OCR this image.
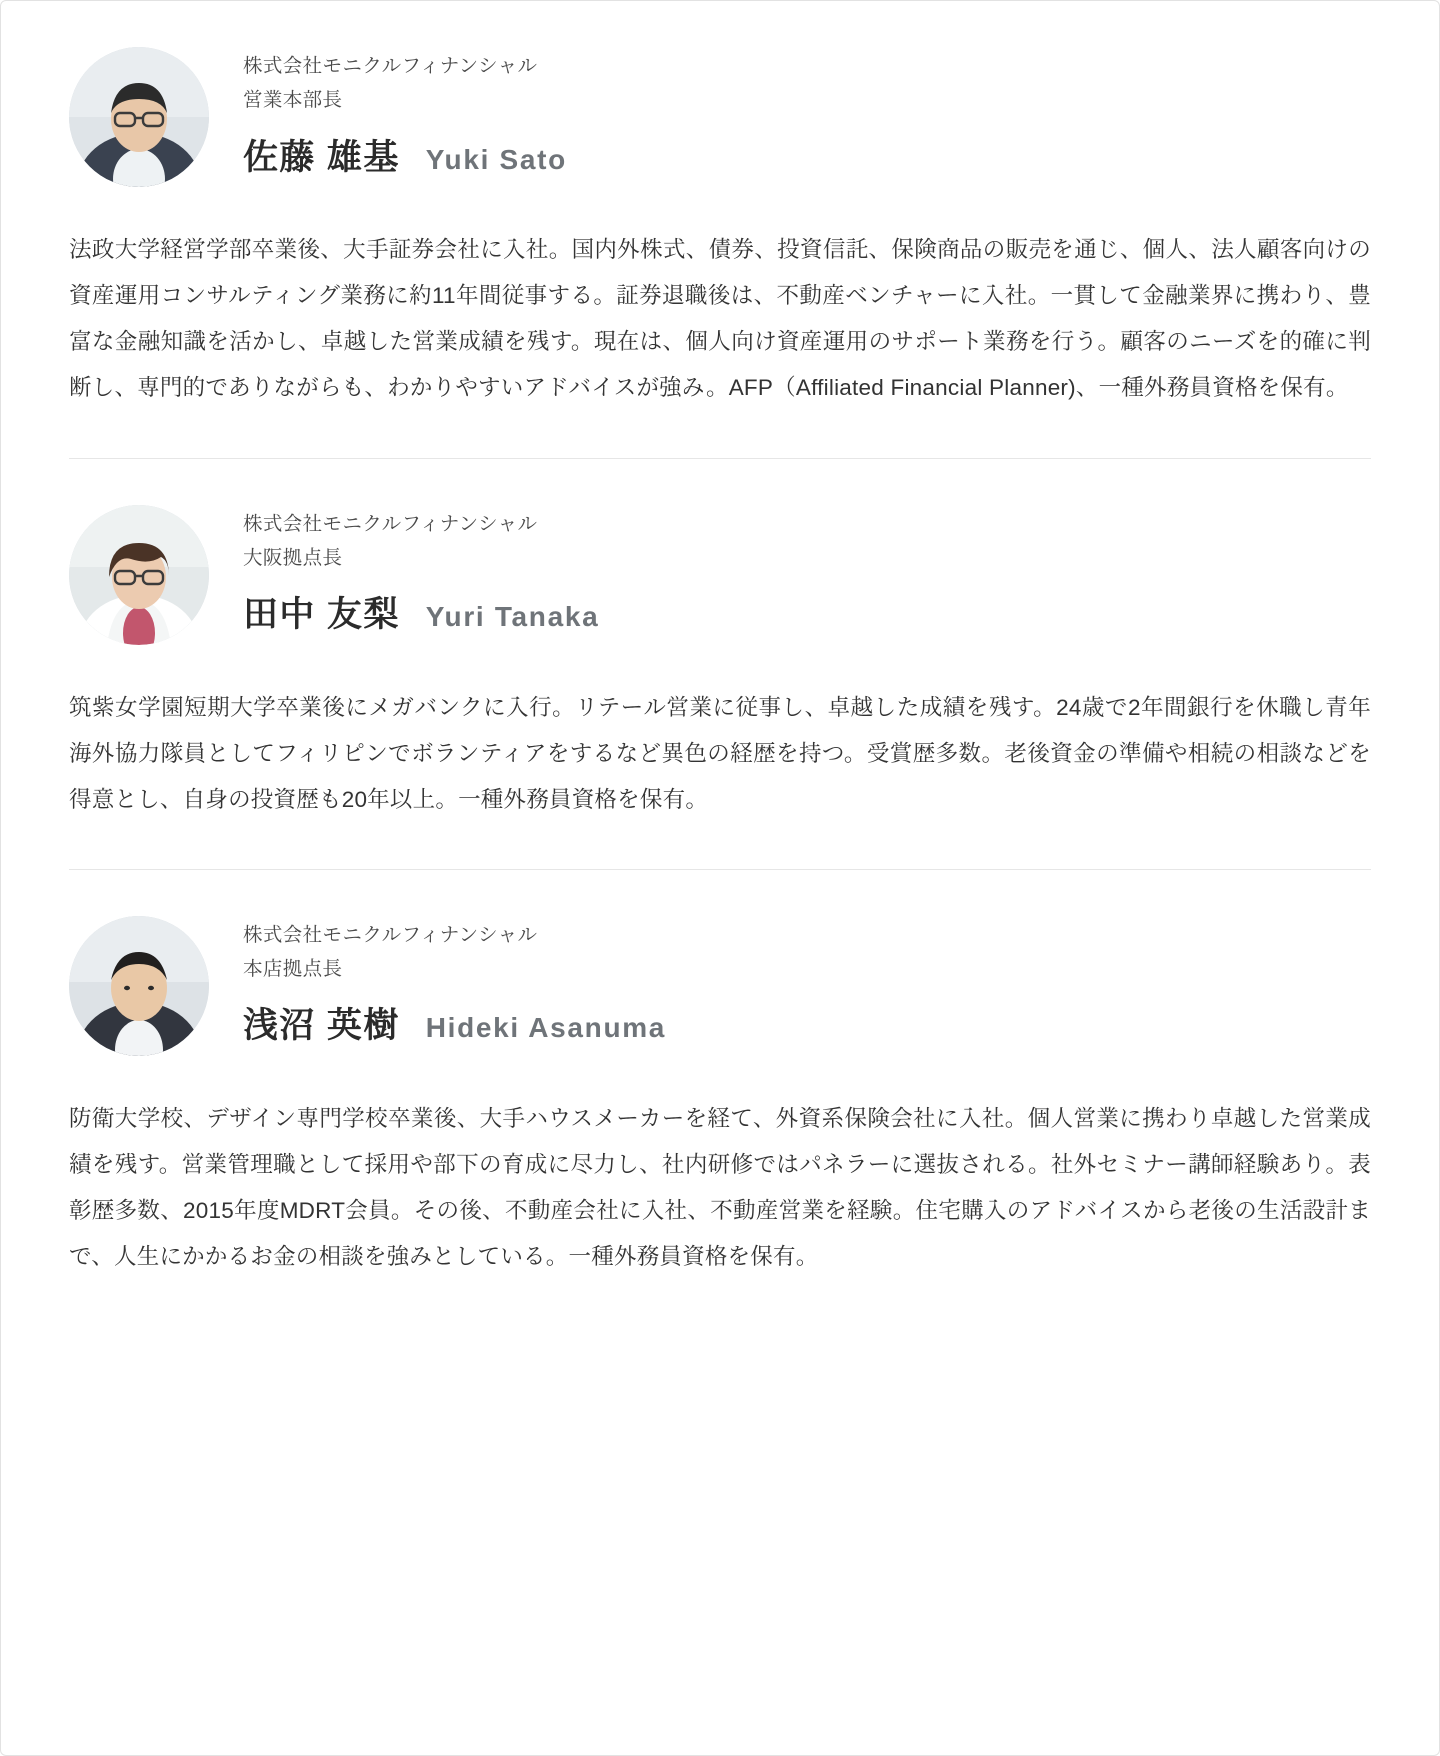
株式会社モニクルフィナンシャル
営業本部長
佐藤 雄基 Yuki Sato

法政大学経営学部卒業後、大手証券会社に入社。国内外株式、債券、投資信託、保険商品の販売を通じ、個人、法人顧客向けの資産運用コンサルティング業務に約11年間従事する。証券退職後は、不動産ベンチャーに入社。一貫して金融業界に携わり、豊富な金融知識を活かし、卓越した営業成績を残す。現在は、個人向け資産運用のサポート業務を行う。顧客のニーズを的確に判断し、専門的でありながらも、わかりやすいアドバイスが強み。AFP（Affiliated Financial Planner)、一種外務員資格を保有。

株式会社モニクルフィナンシャル
大阪拠点長
田中 友梨 Yuri Tanaka

筑紫女学園短期大学卒業後にメガバンクに入行。リテール営業に従事し、卓越した成績を残す。24歳で2年間銀行を休職し青年海外協力隊員としてフィリピンでボランティアをするなど異色の経歴を持つ。受賞歴多数。老後資金の準備や相続の相談などを得意とし、自身の投資歴も20年以上。一種外務員資格を保有。

株式会社モニクルフィナンシャル
本店拠点長
浅沼 英樹 Hideki Asanuma

防衛大学校、デザイン専門学校卒業後、大手ハウスメーカーを経て、外資系保険会社に入社。個人営業に携わり卓越した営業成績を残す。営業管理職として採用や部下の育成に尽力し、社内研修ではパネラーに選抜される。社外セミナー講師経験あり。表彰歴多数、2015年度MDRT会員。その後、不動産会社に入社、不動産営業を経験。住宅購入のアドバイスから老後の生活設計まで、人生にかかるお金の相談を強みとしている。一種外務員資格を保有。
